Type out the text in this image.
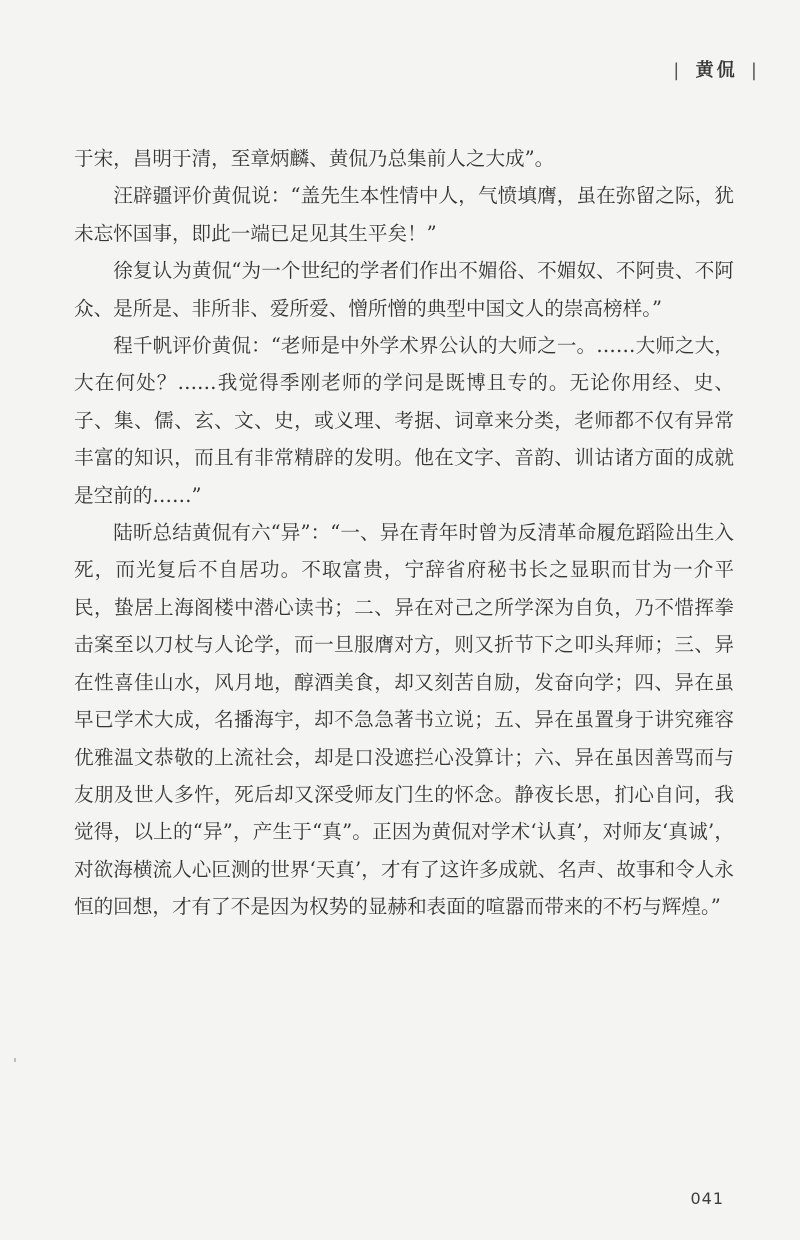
| 黄侃 |

于宋，昌明于清，至章炳麟、黄侃乃总集前人之大成”。

汪辟疆评价黄侃说：“盖先生本性情中人，气愤填膺，虽在弥留之际，犹未忘怀国事，即此一端已足见其生平矣！”

徐复认为黄侃“为一个世纪的学者们作出不媚俗、不媚奴、不阿贵、不阿众、是所是、非所非、爱所爱、憎所憎的典型中国文人的崇高榜样。”

程千帆评价黄侃：“老师是中外学术界公认的大师之一。……大师之大，大在何处？……我觉得季刚老师的学问是既博且专的。无论你用经、史、子、集、儒、玄、文、史，或义理、考据、词章来分类，老师都不仅有异常丰富的知识，而且有非常精辟的发明。他在文字、音韵、训诂诸方面的成就是空前的……”

陆昕总结黄侃有六“异”：“一、异在青年时曾为反清革命履危蹈险出生入死，而光复后不自居功。不取富贵，宁辞省府秘书长之显职而甘为一介平民，蛰居上海阁楼中潜心读书；二、异在对己之所学深为自负，乃不惜挥拳击案至以刀杖与人论学，而一旦服膺对方，则又折节下之叩头拜师；三、异在性喜佳山水，风月地，醇酒美食，却又刻苦自励，发奋向学；四、异在虽早已学术大成，名播海宇，却不急急著书立说；五、异在虽置身于讲究雍容优雅温文恭敬的上流社会，却是口没遮拦心没算计；六、异在虽因善骂而与友朋及世人多忤，死后却又深受师友门生的怀念。静夜长思，扪心自问，我觉得，以上的“异”，产生于“真”。正因为黄侃对学术‘认真’，对师友‘真诚’，对欲海横流人心叵测的世界‘天真’，才有了这许多成就、名声、故事和令人永恒的回想，才有了不是因为权势的显赫和表面的喧嚣而带来的不朽与辉煌。”

041
